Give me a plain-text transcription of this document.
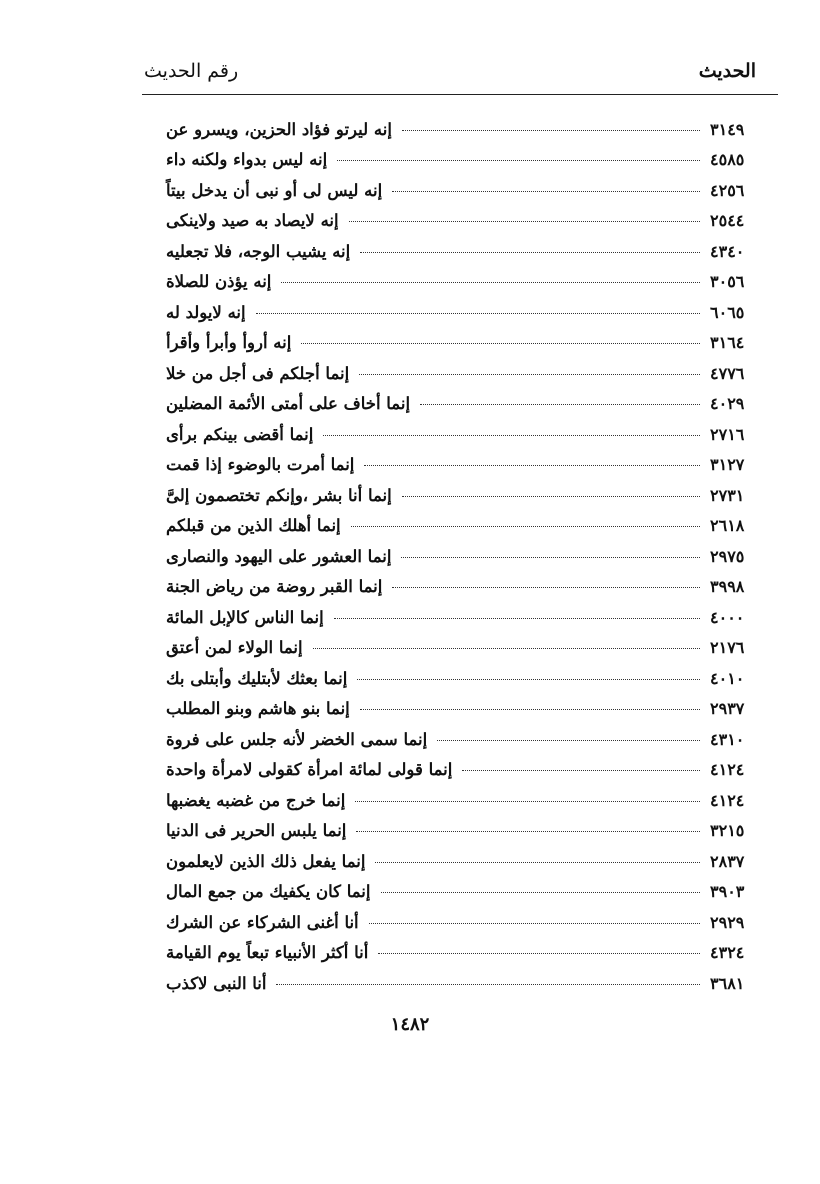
الحديث
رقم الحديث
إنه ليرتو فؤاد الحزين، ويسرو عن	٣١٤٩
إنه ليس بدواء ولكنه داء	٤٥٨٥
إنه ليس لى أو نبى أن يدخل بيتاً	٤٢٥٦
إنه لايصاد به صيد ولاينكى	٢٥٤٤
إنه يشيب الوجه، فلا تجعليه	٤٣٤٠
إنه يؤذن للصلاة	٣٠٥٦
إنه لايولد له	٦٠٦٥
إنه أروأ وأبرأ وأقرأ	٣١٦٤
إنما أجلكم فى أجل من خلا	٤٧٧٦
إنما أخاف على أمتى الأئمة المضلين	٤٠٢٩
إنما أقضى بينكم برأى	٢٧١٦
إنما أمرت بالوضوء إذا قمت	٣١٢٧
إنما أنا بشر ،وإنكم تختصمون إلىَّ	٢٧٣١
إنما أهلك الذين من قبلكم	٢٦١٨
إنما العشور على اليهود والنصارى	٢٩٧٥
إنما القبر روضة من رياض الجنة	٣٩٩٨
إنما الناس كالإبل المائة	٤٠٠٠
إنما الولاء لمن أعتق	٢١٧٦
إنما بعثك لأبتليك وأبتلى بك	٤٠١٠
إنما بنو هاشم وبنو المطلب	٢٩٣٧
إنما سمى الخضر لأنه جلس على فروة	٤٣١٠
إنما قولى لمائة امرأة كقولى لامرأة واحدة	٤١٢٤
إنما خرج من غضبه يغضبها	٤١٢٤
إنما يلبس الحرير فى الدنيا	٣٢١٥
إنما يفعل ذلك الذين لايعلمون	٢٨٣٧
إنما كان يكفيك من جمع المال	٣٩٠٣
أنا أغنى الشركاء عن الشرك	٢٩٢٩
أنا أكثر الأنبياء تبعاً يوم القيامة	٤٣٢٤
أنا النبى لاكذب	٣٦٨١
١٤٨٢
